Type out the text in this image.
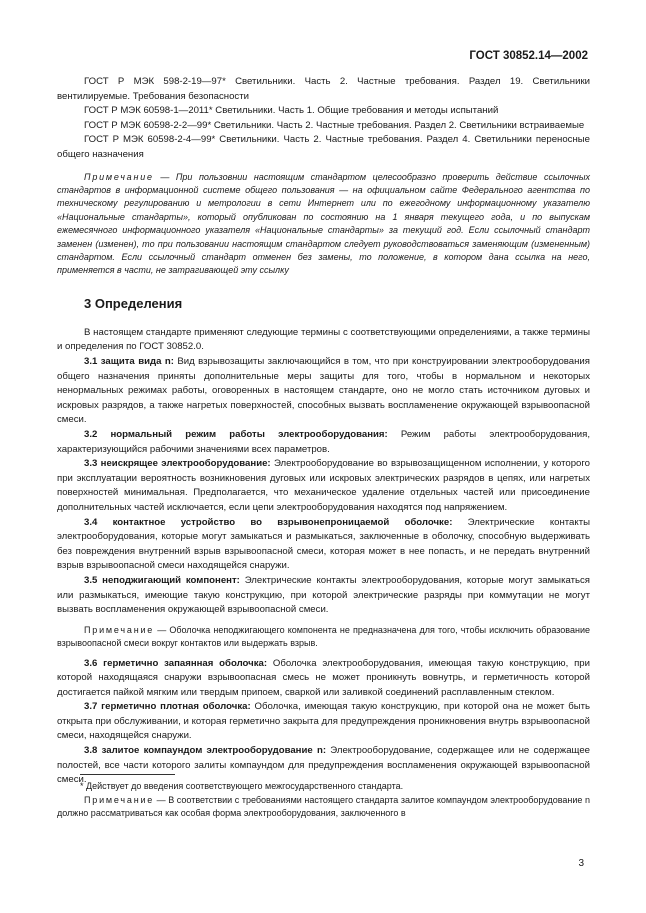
ГОСТ 30852.14—2002

ГОСТ Р МЭК 598-2-19—97* Светильники. Часть 2. Частные требования. Раздел 19. Светильники вентилируемые. Требования безопасности

ГОСТ Р МЭК 60598-1—2011* Светильники. Часть 1. Общие требования и методы испытаний

ГОСТ Р МЭК 60598-2-2—99* Светильники. Часть 2. Частные требования. Раздел 2. Светильники встраиваемые

ГОСТ Р МЭК 60598-2-4—99* Светильники. Часть 2. Частные требования. Раздел 4. Светильники переносные общего назначения

Примечание — При пользовнии настоящим стандартом целесообразно проверить действие ссылочных стандартов в информационной системе общего пользования — на официальном сайте Федерального агентства по техническому регулированию и метрологии в сети Интернет или по ежегодному информационному указателю «Национальные стандарты», который опубликован по состоянию на 1 января текущего года, и по выпускам ежемесячного информационного указателя «Национальные стандарты» за текущий год. Если ссылочный стандарт заменен (изменен), то при пользовании настоящим стандартом следует руководствоваться заменяющим (измененным) стандартом. Если ссылочный стандарт отменен без замены, то положение, в котором дана ссылка на него, применяется в части, не затрагивающей эту ссылку

3 Определения

В настоящем стандарте применяют следующие термины с соответствующими определениями, а также термины и определения по ГОСТ 30852.0.

3.1 защита вида n: Вид взрывозащиты заключающийся в том, что при конструировании электрооборудования общего назначения приняты дополнительные меры защиты для того, чтобы в нормальном и некоторых ненормальных режимах работы, оговоренных в настоящем стандарте, оно не могло стать источником дуговых и искровых разрядов, а также нагретых поверхностей, способных вызвать воспламенение окружающей взрывоопасной смеси.

3.2 нормальный режим работы электрооборудования: Режим работы электрооборудования, характеризующийся рабочими значениями всех параметров.

3.3 неискрящее электрооборудование: Электрооборудование во взрывозащищенном исполнении, у которого при эксплуатации вероятность возникновения дуговых или искровых электрических разрядов в цепях, или нагретых поверхностей минимальная. Предполагается, что механическое удаление отдельных частей или присоединение дополнительных частей исключается, если цепи электрооборудования находятся под напряжением.

3.4 контактное устройство во взрывонепроницаемой оболочке: Электрические контакты электрооборудования, которые могут замыкаться и размыкаться, заключенные в оболочку, способную выдерживать без повреждения внутренний взрыв взрывоопасной смеси, которая может в нее попасть, и не передать внутренний взрыв взрывоопасной смеси находящейся снаружи.

3.5 неподжигающий компонент: Электрические контакты электрооборудования, которые могут замыкаться или размыкаться, имеющие такую конструкцию, при которой электрические разряды при коммутации не могут вызвать воспламенения окружающей взрывоопасной смеси.

Примечание — Оболочка неподжигающего компонента не предназначена для того, чтобы исключить образование взрывоопасной смеси вокруг контактов или выдержать взрыв.

3.6 герметично запаянная оболочка: Оболочка электрооборудования, имеющая такую конструкцию, при которой находящаяся снаружи взрывоопасная смесь не может проникнуть вовнутрь, и герметичность которой достигается пайкой мягким или твердым припоем, сваркой или заливкой соединений расплавленным стеклом.

3.7 герметично плотная оболочка: Оболочка, имеющая такую конструкцию, при которой она не может быть открыта при обслуживании, и которая герметично закрыта для предупреждения проникновения внутрь взрывоопасной смеси, находящейся снаружи.

3.8 залитое компаундом электрооборудование n: Электрооборудование, содержащее или не содержащее полостей, все части которого залиты компаундом для предупреждения воспламенения окружающей взрывоопасной смеси.

Примечание — В соответствии с требованиями настоящего стандарта залитое компаундом электрооборудование n должно рассматриваться как особая форма электрооборудования, заключенного в

* Действует до введения соответствующего межгосударственного стандарта.
3
